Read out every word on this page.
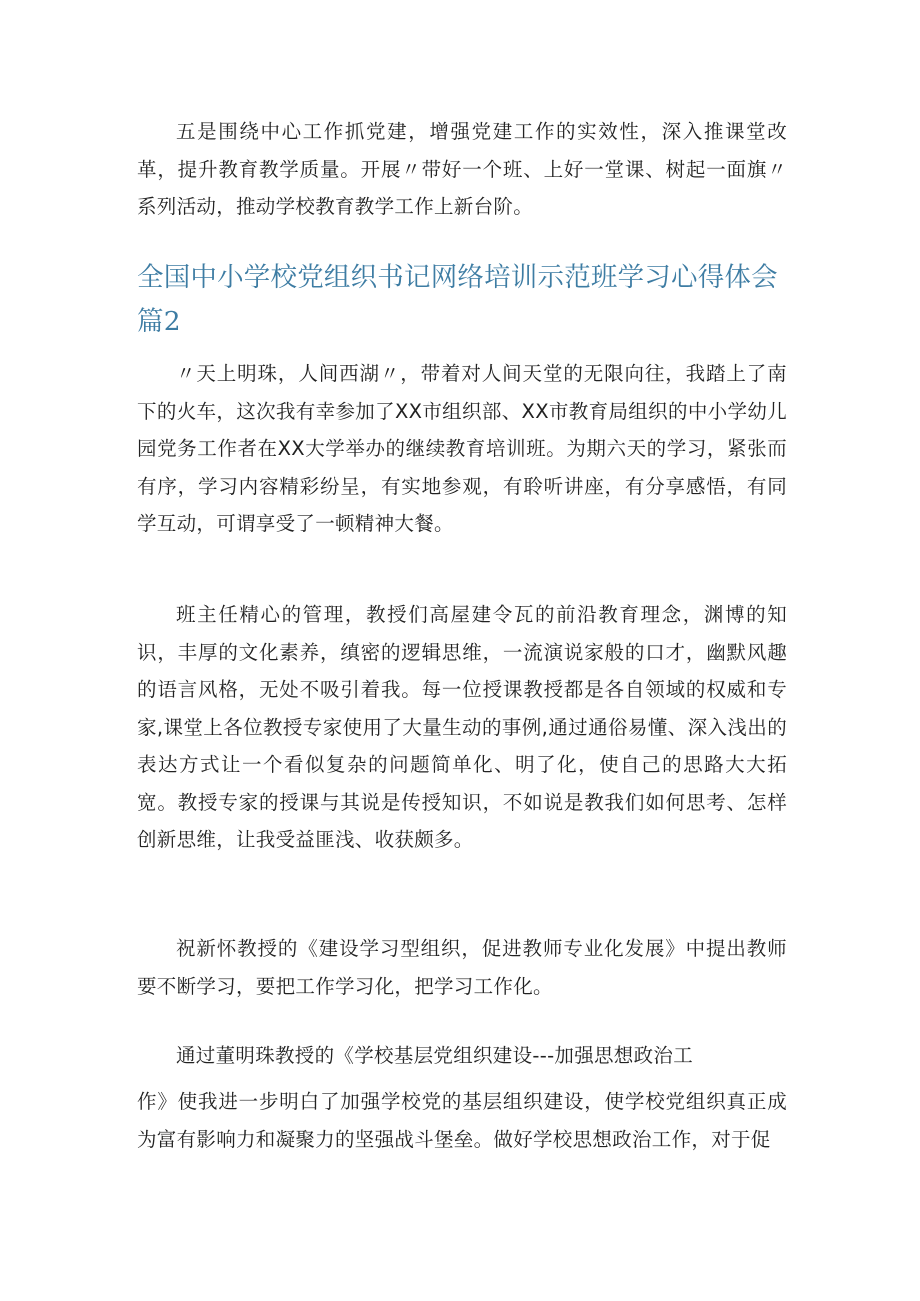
五是围绕中心工作抓党建，增强党建工作的实效性，深入推课堂改革，提升教育教学质量。开展〃带好一个班、上好一堂课、树起一面旗〃系列活动，推动学校教育教学工作上新台阶。

全国中小学校党组织书记网络培训示范班学习心得体会篇2

〃天上明珠，人间西湖〃，带着对人间天堂的无限向往，我踏上了南下的火车，这次我有幸参加了XX市组织部、XX市教育局组织的中小学幼儿园党务工作者在XX大学举办的继续教育培训班。为期六天的学习，紧张而有序，学习内容精彩纷呈，有实地参观，有聆听讲座，有分享感悟，有同学互动，可谓享受了一顿精神大餐。

班主任精心的管理，教授们高屋建令瓦的前沿教育理念，渊博的知识，丰厚的文化素养，缜密的逻辑思维，一流演说家般的口才，幽默风趣的语言风格，无处不吸引着我。每一位授课教授都是各自领域的权威和专家,课堂上各位教授专家使用了大量生动的事例,通过通俗易懂、深入浅出的表达方式让一个看似复杂的问题简单化、明了化，使自己的思路大大拓宽。教授专家的授课与其说是传授知识，不如说是教我们如何思考、怎样创新思维，让我受益匪浅、收获颇多。

祝新怀教授的《建设学习型组织，促进教师专业化发展》中提出教师要不断学习，要把工作学习化，把学习工作化。

通过董明珠教授的《学校基层党组织建设---加强思想政治工

作》使我进一步明白了加强学校党的基层组织建设，使学校党组织真正成为富有影响力和凝聚力的坚强战斗堡垒。做好学校思想政治工作，对于促
